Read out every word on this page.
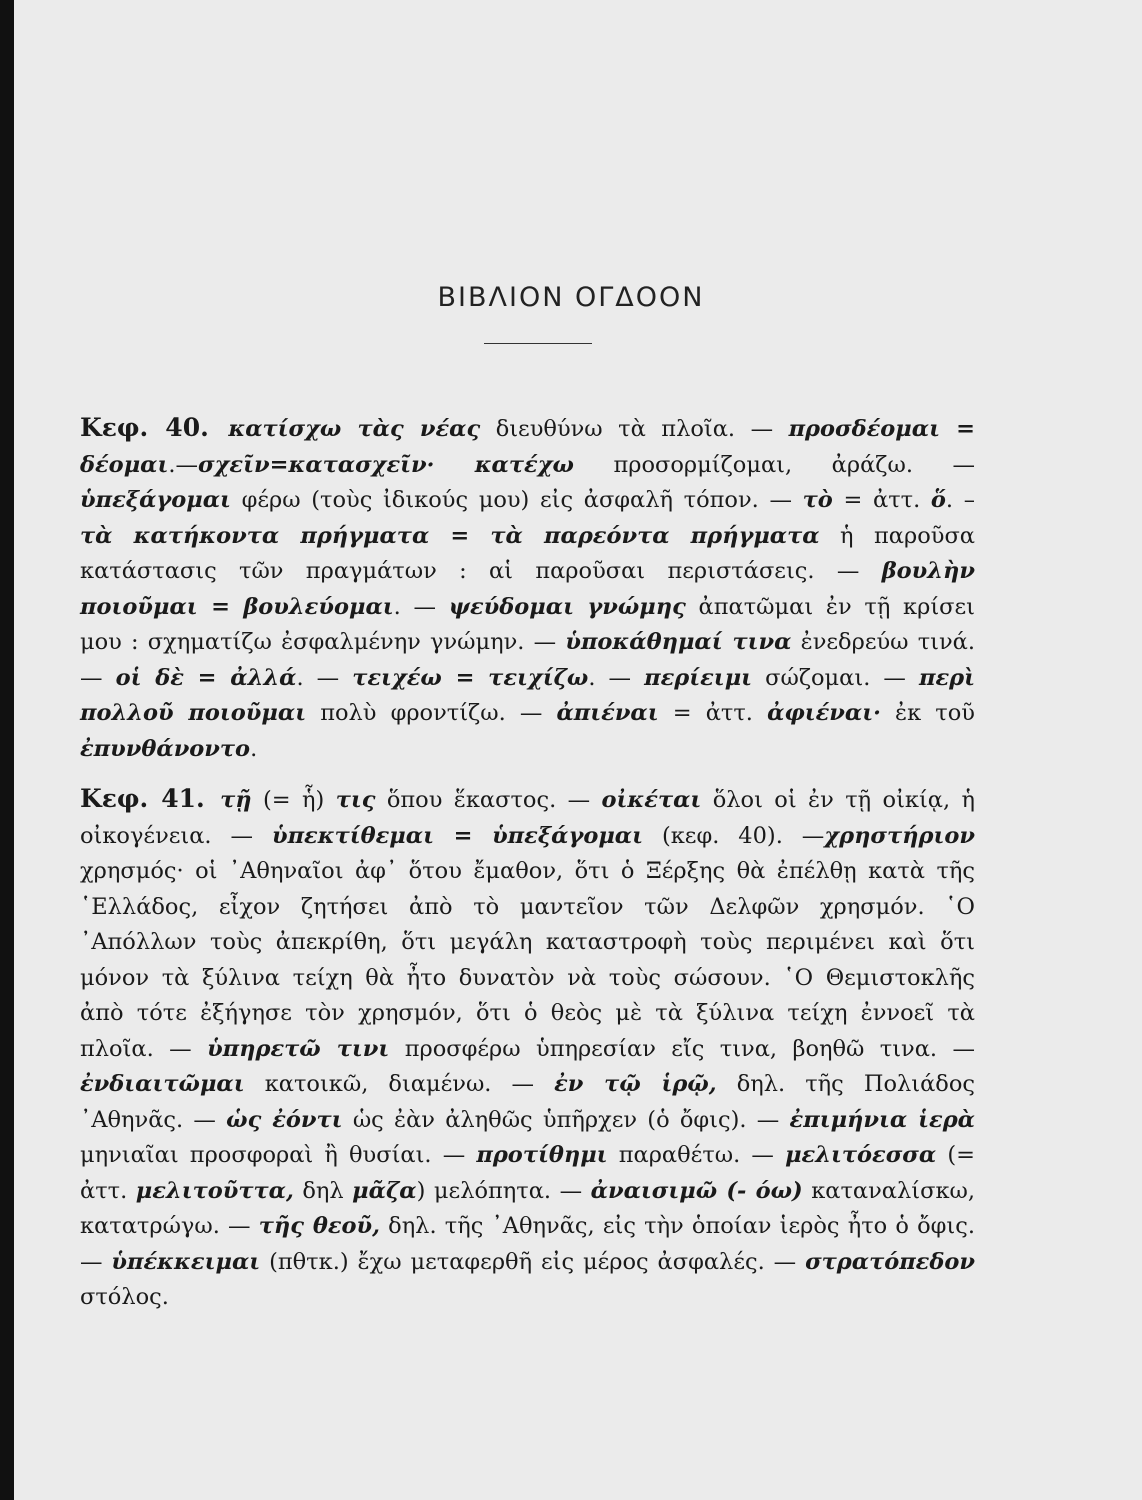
ΒΙΒΛΙΟΝ ΟΓΔΟΟΝ
Κεφ. 40. κατίσχω τὰς νέας διευθύνω τὰ πλοῖα. — προσδέομαι = δέομαι.—σχεῖν=κατασχεῖν· κατέχω προσορμίζομαι, ἀράζω. — ὑπεξάγομαι φέρω (τοὺς ἰδικούς μου) εἰς ἀσφαλῆ τόπον. — τὸ = ἀττ. ὅ. – τὰ κατήκοντα πρήγματα = τὰ παρεόντα πρήγματα ἡ παροῦσα κατάστασις τῶν πραγμάτων : αἱ παροῦσαι περιστάσεις. — βουλὴν ποιοῦμαι = βουλεύομαι. — ψεύδομαι γνώμης ἀπατῶμαι ἐν τῇ κρίσει μου : σχηματίζω ἐσφαλμένην γνώμην. — ὑποκάθημαί τινα ἐνεδρεύω τινά. — οἱ δὲ = ἀλλά. — τειχέω = τειχίζω. — περίειμι σώζομαι. — περὶ πολλοῦ ποιοῦμαι πολὺ φροντίζω. — ἀπιέναι = ἀττ. ἀφιέναι· ἐκ τοῦ ἐπυνθάνοντο.
Κεφ. 41. τῇ (= ἧ) τις ὅπου ἕκαστος. — οἰκέται ὅλοι οἱ ἐν τῇ οἰκίᾳ, ἡ οἰκογένεια. — ὑπεκτίθεμαι = ὑπεξάγομαι (κεφ. 40). —χρηστήριον χρησμός· οἱ ᾿Αθηναῖοι ἀφ᾿ ὅτου ἔμαθον, ὅτι ὁ Ξέρξης θὰ ἐπέλθῃ κατὰ τῆς ῾Ελλάδος, εἶχον ζητήσει ἀπὸ τὸ μαντεῖον τῶν Δελφῶν χρησμόν. ῾Ο ᾿Απόλλων τοὺς ἀπεκρίθη, ὅτι μεγάλη καταστροφὴ τοὺς περιμένει καὶ ὅτι μόνον τὰ ξύλινα τείχη θὰ ἦτο δυνατὸν νὰ τοὺς σώσουν. ῾Ο Θεμιστοκλῆς ἀπὸ τότε ἐξήγησε τὸν χρησμόν, ὅτι ὁ θεὸς μὲ τὰ ξύλινα τείχη ἐννοεῖ τὰ πλοῖα. — ὑπηρετῶ τινι προσφέρω ὑπηρεσίαν εἴς τινα, βοηθῶ τινα. — ἐνδιαιτῶμαι κατοικῶ, διαμένω. — ἐν τῷ ἱρῷ, δηλ. τῆς Πολιάδος ᾿Αθηνᾶς. — ὡς ἐόντι ὡς ἐὰν ἀληθῶς ὑπῆρχεν (ὁ ὄφις). — ἐπιμήνια ἱερὰ μηνιαῖαι προσφοραὶ ἢ θυσίαι. — προτίθημι παραθέτω. — μελιτόεσσα (= ἀττ. μελιτοῦττα, δηλ μᾶζα) μελόπητα. — ἀναισιμῶ (- όω) καταναλίσκω, κατατρώγω. — τῆς θεοῦ, δηλ. τῆς ᾿Αθηνᾶς, εἰς τὴν ὁποίαν ἱερὸς ἦτο ὁ ὄφις. — ὑπέκκειμαι (πθτκ.) ἔχω μεταφερθῆ εἰς μέρος ἀσφαλές. — στρατόπεδον στόλος.
